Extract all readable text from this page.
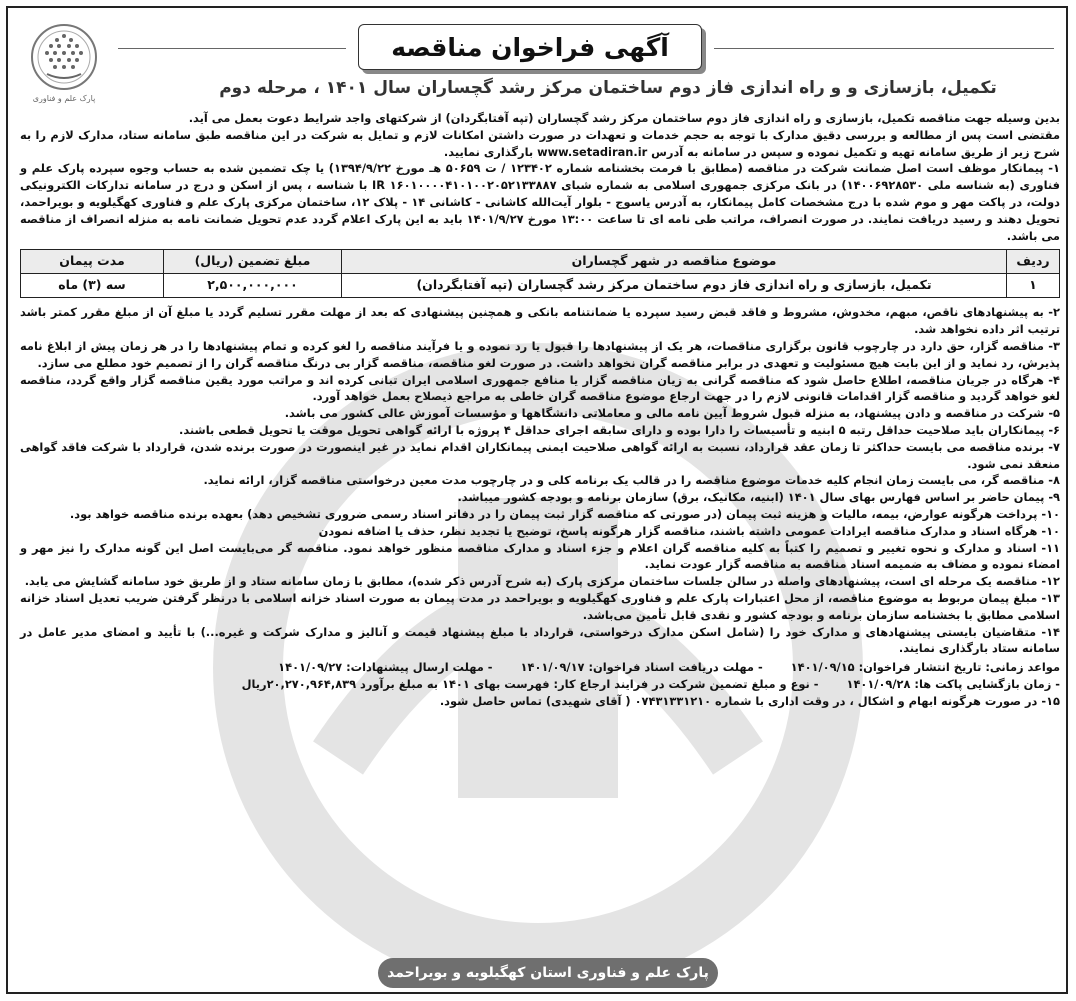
پارک علم و فناوری
آگهی فراخوان مناقصه
تکمیل، بازسازی و و راه اندازی فاز دوم ساختمان مرکز رشد گچساران سال ۱۴۰۱ ، مرحله دوم

بدین وسیله جهت مناقصه تکمیل، بازسازی و راه اندازی فاز دوم ساختمان مرکز رشد گچساران (تپه آفتابگردان) از شرکتهای واجد شرایط دعوت بعمل می آید.

مقتضی است پس از مطالعه و بررسی دقیق مدارک با توجه به حجم خدمات و تعهدات در صورت داشتن امکانات لازم و تمایل به شرکت در این مناقصه طبق سامانه ستاد، مدارک لازم را به شرح زیر از طریق سامانه تهیه و تکمیل نموده و سپس در سامانه به آدرس www.setadiran.ir بارگذاری نمایید.

۱- پیمانکار موظف است اصل ضمانت شرکت در مناقصه (مطابق با فرمت بخشنامه شماره ۱۲۳۴۰۲ / ت ۵۰۶۵۹ هـ مورخ ۱۳۹۴/۹/۲۲) یا چک تضمین شده به حساب وجوه سپرده پارک علم و فناوری (به شناسه ملی ۱۴۰۰۶۹۲۸۵۳۰) در بانک مرکزی جمهوری اسلامی به شماره شبای IR ۱۶۰۱۰۰۰۰۴۱۰۱۰۰۲۰۵۲۱۳۳۸۸۷ با شناسه ، پس از اسکن و درج در سامانه تدارکات الکترونیکی دولت، در پاکت مهر و موم شده با درج مشخصات کامل پیمانکار، به آدرس یاسوج - بلوار آیت‌الله کاشانی - کاشانی ۱۴ - پلاک ۱۲، ساختمان مرکزی پارک علم و فناوری کهگیلویه و بویراحمد، تحویل دهند و رسید دریافت نمایند. در صورت انصراف، مراتب طی نامه ای تا ساعت ۱۳:۰۰ مورخ ۱۴۰۱/۹/۲۷ باید به این پارک اعلام گردد عدم تحویل ضمانت نامه به منزله انصراف از مناقصه می باشد.

ردیف	موضوع مناقصه در شهر گچساران	مبلغ تضمین (ریال)	مدت پیمان
۱	تکمیل، بازسازی و راه اندازی فاز دوم ساختمان مرکز رشد گچساران (تپه آفتابگردان)	۲,۵۰۰,۰۰۰,۰۰۰	سه (۳) ماه

۲- به پیشنهادهای ناقص، مبهم، مخدوش، مشروط و فاقد قبض رسید سپرده یا ضمانتنامه بانکی و همچنین پیشنهادی که بعد از مهلت مقرر تسلیم گردد یا مبلغ آن از مبلغ مقرر کمتر باشد ترتیب اثر داده نخواهد شد.

۳- مناقصه گزار، حق دارد در چارچوب قانون برگزاری مناقصات، هر یک از پیشنهادها را قبول یا رد نموده و یا فرآیند مناقصه را لغو کرده و تمام پیشنهادها را در هر زمان پیش از ابلاغ نامه پذیرش، رد نماید و از این بابت هیچ مسئولیت و تعهدی در برابر مناقصه گران نخواهد داشت. در صورت لغو مناقصه، مناقصه گزار بی درنگ مناقصه گران را از تصمیم خود مطلع می سازد.

۴- هرگاه در جریان مناقصه، اطلاع حاصل شود که مناقصه گرانی به زیان مناقصه گزار یا منافع جمهوری اسلامی ایران تبانی کرده اند و مراتب مورد یقین مناقصه گزار واقع گردد، مناقصه لغو خواهد گردید و مناقصه گزار اقدامات قانونی لازم را در جهت ارجاع موضوع مناقصه گران خاطی به مراجع ذیصلاح بعمل خواهد آورد.

۵- شرکت در مناقصه و دادن پیشنهاد، به منزله قبول شروط آیین نامه مالی و معاملاتی دانشگاهها و مؤسسات آموزش عالی کشور می باشد.

۶- پیمانکاران باید صلاحیت حداقل رتبه ۵ ابنیه و تأسیسات را دارا بوده و دارای سابقه اجرای حداقل ۴ پروژه با ارائه گواهی تحویل موقت یا تحویل قطعی باشند.

۷- برنده مناقصه می بایست حداکثر تا زمان عقد قرارداد، نسبت به ارائه گواهی صلاحیت ایمنی پیمانکاران اقدام نماید در غیر اینصورت در صورت برنده شدن، قرارداد با شرکت فاقد گواهی منعقد نمی شود.

۸- مناقصه گر، می بایست زمان انجام کلیه خدمات موضوع مناقصه را در قالب یک برنامه کلی و در چارچوب مدت معین درخواستی مناقصه گزار، ارائه نماید.

۹- پیمان حاضر بر اساس فهارس بهای سال ۱۴۰۱ (ابنیه، مکانیک، برق) سازمان برنامه و بودجه کشور میباشد.

۱۰- پرداخت هرگونه عوارض، بیمه، مالیات و هزینه ثبت پیمان (در صورتی که مناقصه گزار ثبت پیمان را در دفاتر اسناد رسمی ضروری تشخیص دهد) بعهده برنده مناقصه خواهد بود.

۱۰- هرگاه اسناد و مدارک مناقصه ایرادات عمومی داشته باشند، مناقصه گزار هرگونه پاسخ، توضیح یا تجدید نظر، حذف یا اضافه نمودن

۱۱- اسناد و مدارک و نحوه تغییر و تصمیم را کتباً به کلیه مناقصه گران اعلام و جزء اسناد و مدارک مناقصه منظور خواهد نمود. مناقصه گر می‌بایست اصل این گونه مدارک را نیز مهر و امضاء نموده و مضاف به ضمیمه اسناد مناقصه به مناقصه گزار عودت نماید.

۱۲- مناقصه یک مرحله ای است، پیشنهادهای واصله در سالن جلسات ساختمان مرکزی پارک (به شرح آدرس ذکر شده)، مطابق با زمان سامانه ستاد و از طریق خود سامانه گشایش می یابد.

۱۳- مبلغ پیمان مربوط به موضوع مناقصه، از محل اعتبارات پارک علم و فناوری کهگیلویه و بویراحمد در مدت پیمان به صورت اسناد خزانه اسلامی با درنظر گرفتن ضریب تعدیل اسناد خزانه اسلامی مطابق با بخشنامه سازمان برنامه و بودجه کشور و نقدی قابل تأمین می‌باشد.

۱۴- متقاضیان بایستی پیشنهادهای و مدارک خود را (شامل اسکن مدارک درخواستی، قرارداد با مبلغ پیشنهاد قیمت و آنالیز و مدارک شرکت و غیره...) با تأیید و امضای مدیر عامل در سامانه ستاد بارگذاری نمایند.

مواعد زمانی: تاریخ انتشار فراخوان: ۱۴۰۱/۰۹/۱۵
- مهلت دریافت اسناد فراخوان: ۱۴۰۱/۰۹/۱۷
- مهلت ارسال پیشنهادات: ۱۴۰۱/۰۹/۲۷
- زمان بازگشایی پاکت ها: ۱۴۰۱/۰۹/۲۸
- نوع و مبلغ تضمین شرکت در فرایند ارجاع کار: فهرست بهای ۱۴۰۱ به مبلغ برآورد ۲۰,۲۷۰,۹۶۴,۸۳۹ریال

۱۵- در صورت هرگونه ابهام و اشکال ، در وقت اداری با شماره ۰۷۴۳۱۳۳۱۲۱۰ ( آقای شهیدی) تماس حاصل شود.

پارک علم و فناوری استان کهگیلویه و بویراحمد
